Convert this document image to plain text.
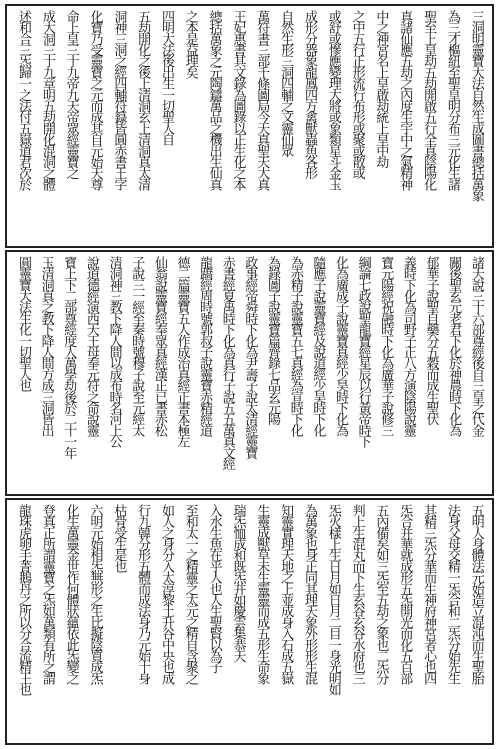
三洞明靈寶大法自然生成圖書總括萬象
為三才樞紐至聖皇明分布三元化生諸
聖至上皇劫五劫開啟五行全真陰陽化
真諸仙應五劫之內度生宇中之氣精神
中之神宮名上皇啟劫統上皇中劫
之中五行正形流行布形或聚或散或
或舒或慘應變理大將或象類星斗金玉
成形分器象龍鳳四方禽獸蟲魚各形
自然生形三洞四輔之文靈仙眾
萬符書三部千條圖局今天真聖天大真
王妃惠書其文錄為圖錄以正生化之本
總括萬象之元陶鑄萬品之機出生仙真
之本是益理矣
四明大法後出生一切聖人自
五劫開化之後上清洞玄上清洞真太清
洞神三洞之經四輔符籙皆圓赤書王字
化寶乃受靈寶之元而成其自元始天尊
命上皇三十九帝九天帝眾經靈寶之
成大洞三十九章明五劫開化混洞之體
述和合三炁歸一之法付五嶽道君次於
諸天說三十六部尊經後自三皇之代金
關後聖玄元老君下化於神農時下化為
郁華子說聖自藥分五穀而成生聖伏
義時下化為司野子正八方演陰陽說靈
寶元陽經祝融時下化為廣華子說修三
綱論七政說聖龍寶經星辰以行黃帝時下
化為廣成子說靈寶真經少昊時下化為
隨應子說靈寶經及說道經少昊時下化
為赤精子說靈寶五七真經為宣時下化
為錄圖子說靈寶篇齊錄七品玄元陽
政事經帝舜時下化為尹壽子說太清經靈寶
赤書經夏禹時下化為真行子說五五萬真文經
龍蹻經周時號郭叔子說靈寶赤精經道
德二篇靈寶五人作成治真經正書本極左
仙翁說靈寶經奉眾真經漢正已書赤松
子說三一經至秦時號穆子說至元經太
清洞神三教下降人間以成布時名河上公
說道德經演西天王母奉元符之命說靈
寶上下二部尊經度人萬學劫後於二十一年
玉清洞真之教下降人間方成三洞皆出
圓靈寶大法生化一切聖人也
五明人身體法元始造立混沌而生聖胎
法身父母交精一炁合和二炁分始先生
其精三炁分華而生神府神宮者心也四
炁合并華就成形五炁開光而化五百部
五內備矣如三炁至五劫之象也二炁分
判上生混丸而下生玄谷玄谷水府也三
炁火樣上生日月如日月二目一身光明如
為萬象也身正同其理天象外形形生混
知靈實理天地之上並成身入石成五嶽
生靈成獸草未生靈靈而成五形生命象
瑞炁恤成和既炁并如慶雲集恭天
入水生魚在乎人也人生聖賢以為子
至和太一之精靈之太元之精自含聚之
如人之身分入太淳黎土升谷中央也成
行九韓分形五體而成法身乃元始十身
枯骨受生是也
六明元始相炁無形之生比擬陰質成炁
化生萬靈金世作何體狀蘊依此炁變之
登真正所謂靈寶之炁如萬類有所之謂
龍珠虎卵手菁鵝丹之所以分合流精王也
